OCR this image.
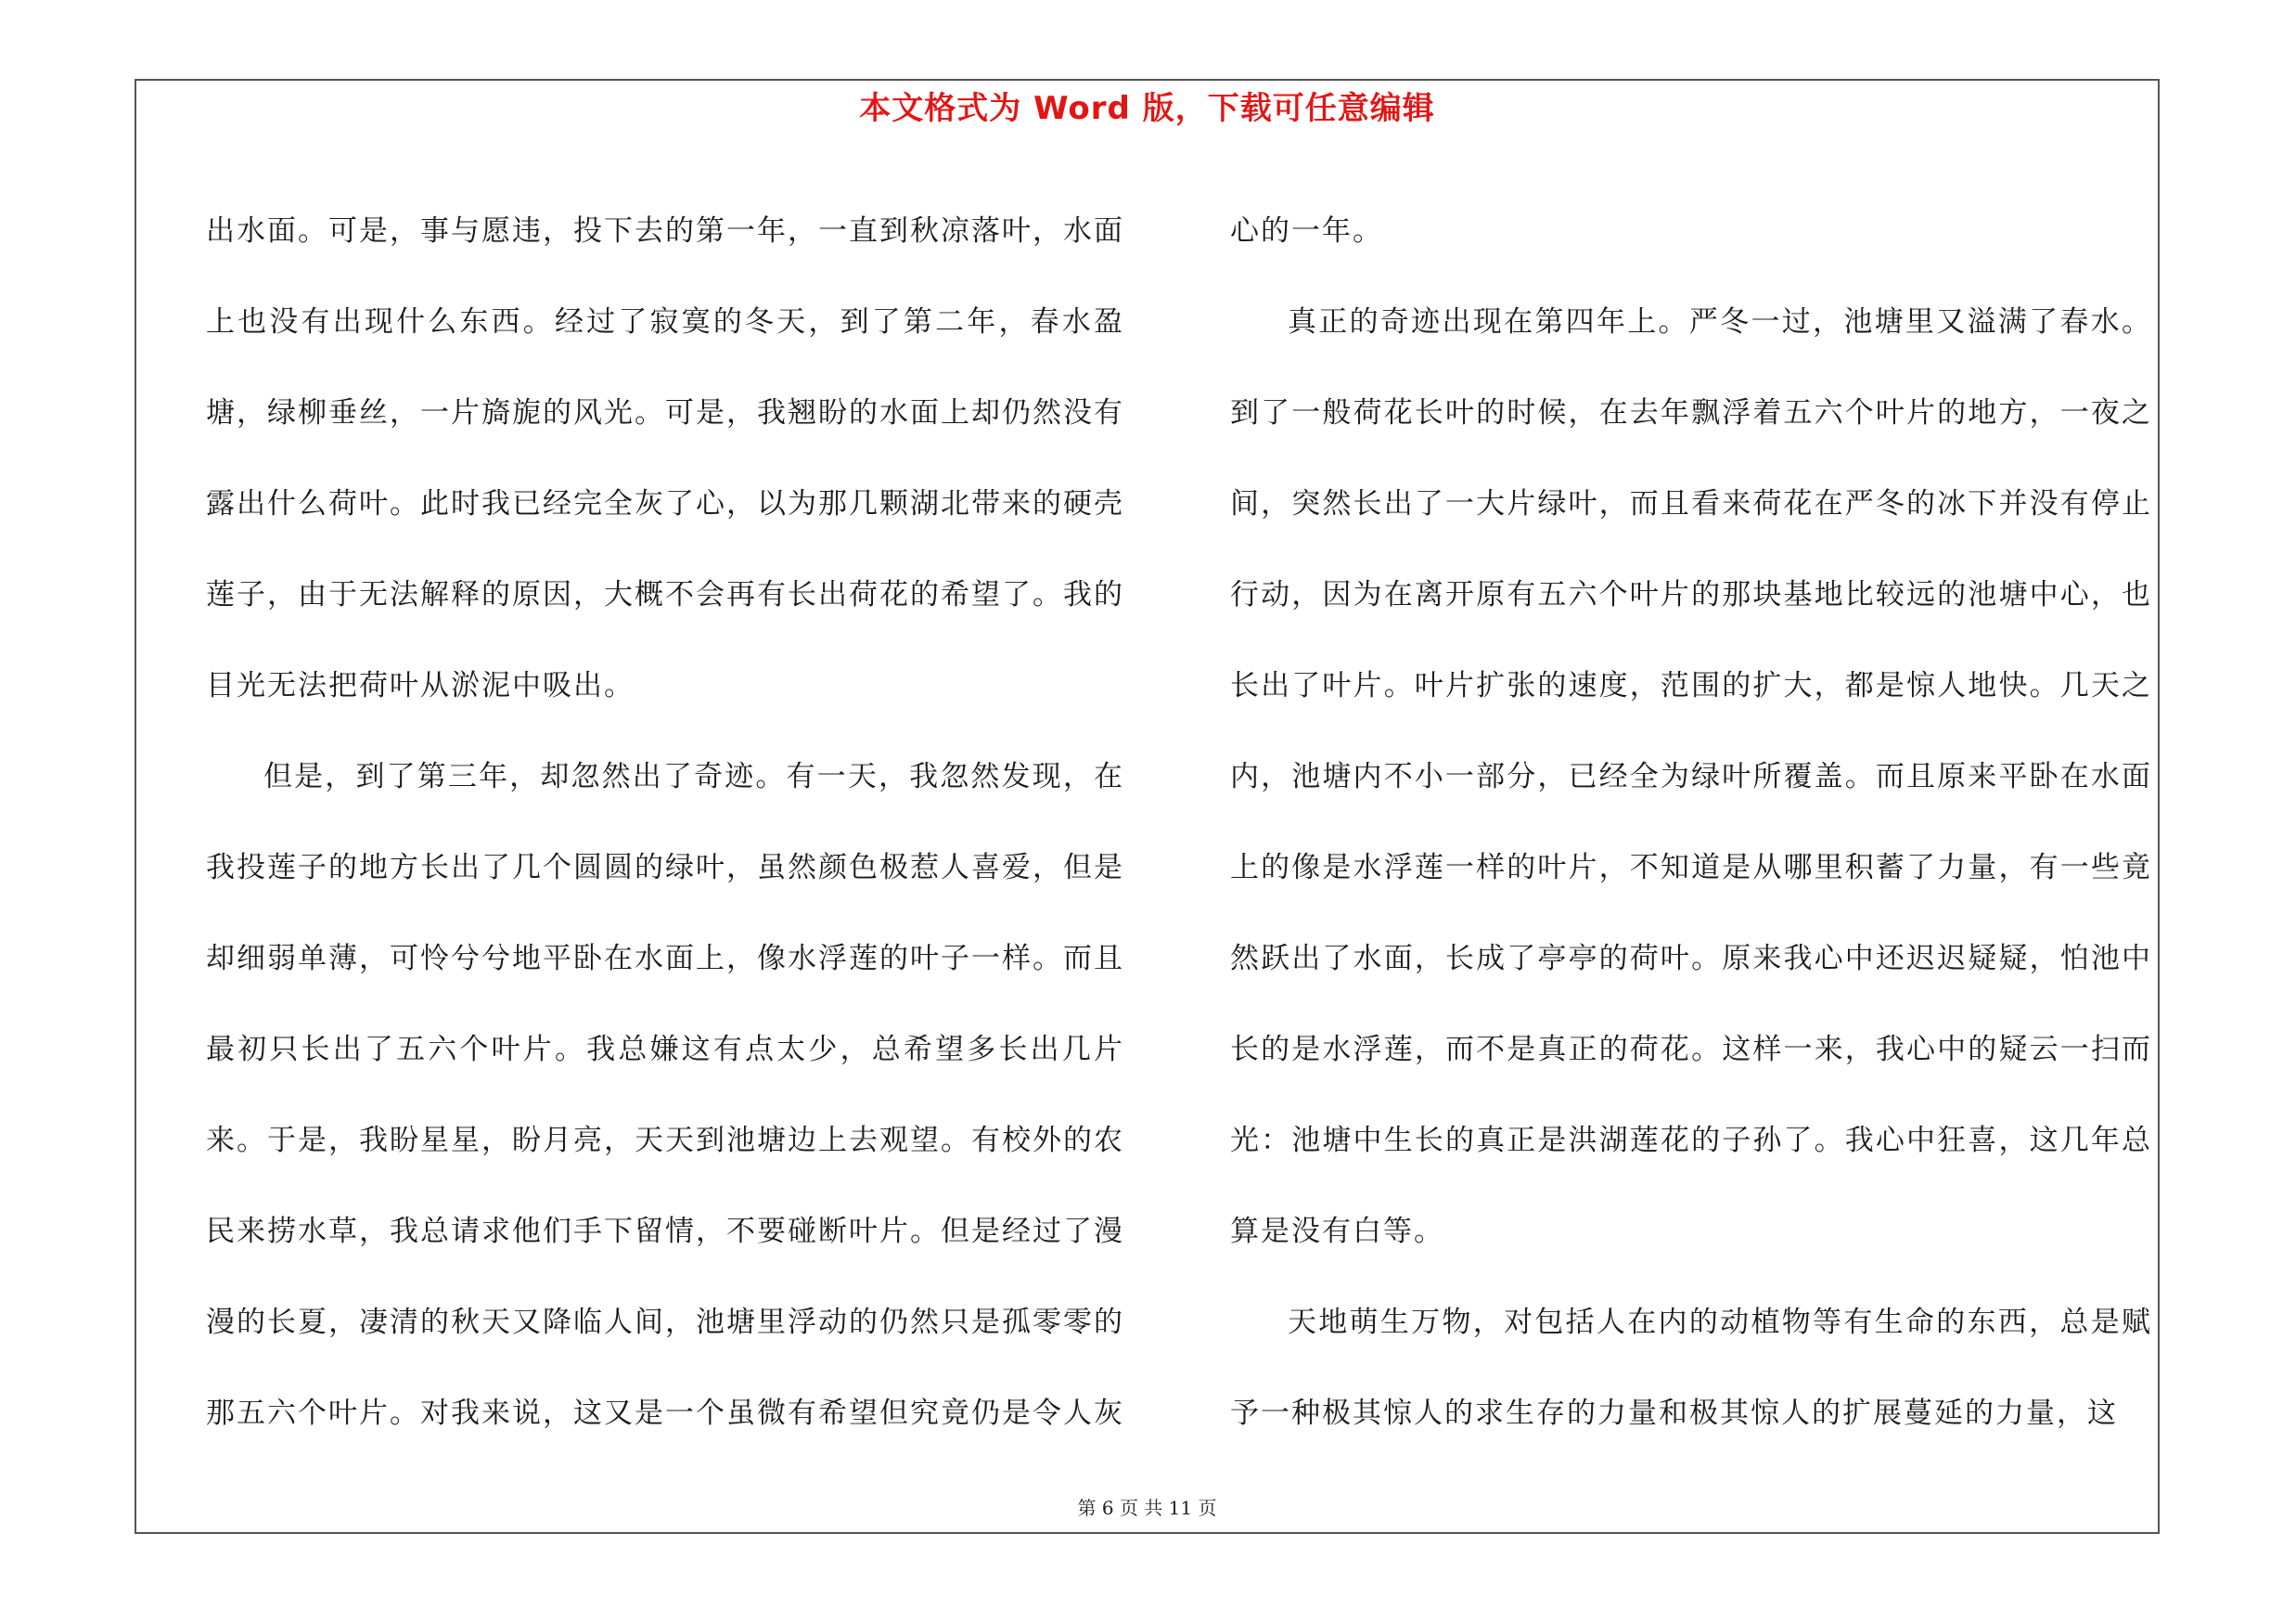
本文格式为 Word 版，下载可任意编辑

出水面。可是，事与愿违，投下去的第一年，一直到秋凉落叶，水面上也没有出现什么东西。经过了寂寞的冬天，到了第二年，春水盈塘，绿柳垂丝，一片旖旎的风光。可是，我翘盼的水面上却仍然没有露出什么荷叶。此时我已经完全灰了心，以为那几颗湖北带来的硬壳莲子，由于无法解释的原因，大概不会再有长出荷花的希望了。我的目光无法把荷叶从淤泥中吸出。

但是，到了第三年，却忽然出了奇迹。有一天，我忽然发现，在我投莲子的地方长出了几个圆圆的绿叶，虽然颜色极惹人喜爱，但是却细弱单薄，可怜兮兮地平卧在水面上，像水浮莲的叶子一样。而且最初只长出了五六个叶片。我总嫌这有点太少，总希望多长出几片来。于是，我盼星星，盼月亮，天天到池塘边上去观望。有校外的农民来捞水草，我总请求他们手下留情，不要碰断叶片。但是经过了漫漫的长夏，凄清的秋天又降临人间，池塘里浮动的仍然只是孤零零的那五六个叶片。对我来说，这又是一个虽微有希望但究竟仍是令人灰

心的一年。

真正的奇迹出现在第四年上。严冬一过，池塘里又溢满了春水。到了一般荷花长叶的时候，在去年飘浮着五六个叶片的地方，一夜之间，突然长出了一大片绿叶，而且看来荷花在严冬的冰下并没有停止行动，因为在离开原有五六个叶片的那块基地比较远的池塘中心，也长出了叶片。叶片扩张的速度，范围的扩大，都是惊人地快。几天之内，池塘内不小一部分，已经全为绿叶所覆盖。而且原来平卧在水面上的像是水浮莲一样的叶片，不知道是从哪里积蓄了力量，有一些竟然跃出了水面，长成了亭亭的荷叶。原来我心中还迟迟疑疑，怕池中长的是水浮莲，而不是真正的荷花。这样一来，我心中的疑云一扫而光：池塘中生长的真正是洪湖莲花的子孙了。我心中狂喜，这几年总算是没有白等。

天地萌生万物，对包括人在内的动植物等有生命的东西，总是赋予一种极其惊人的求生存的力量和极其惊人的扩展蔓延的力量，这

第 6 页 共 11 页
